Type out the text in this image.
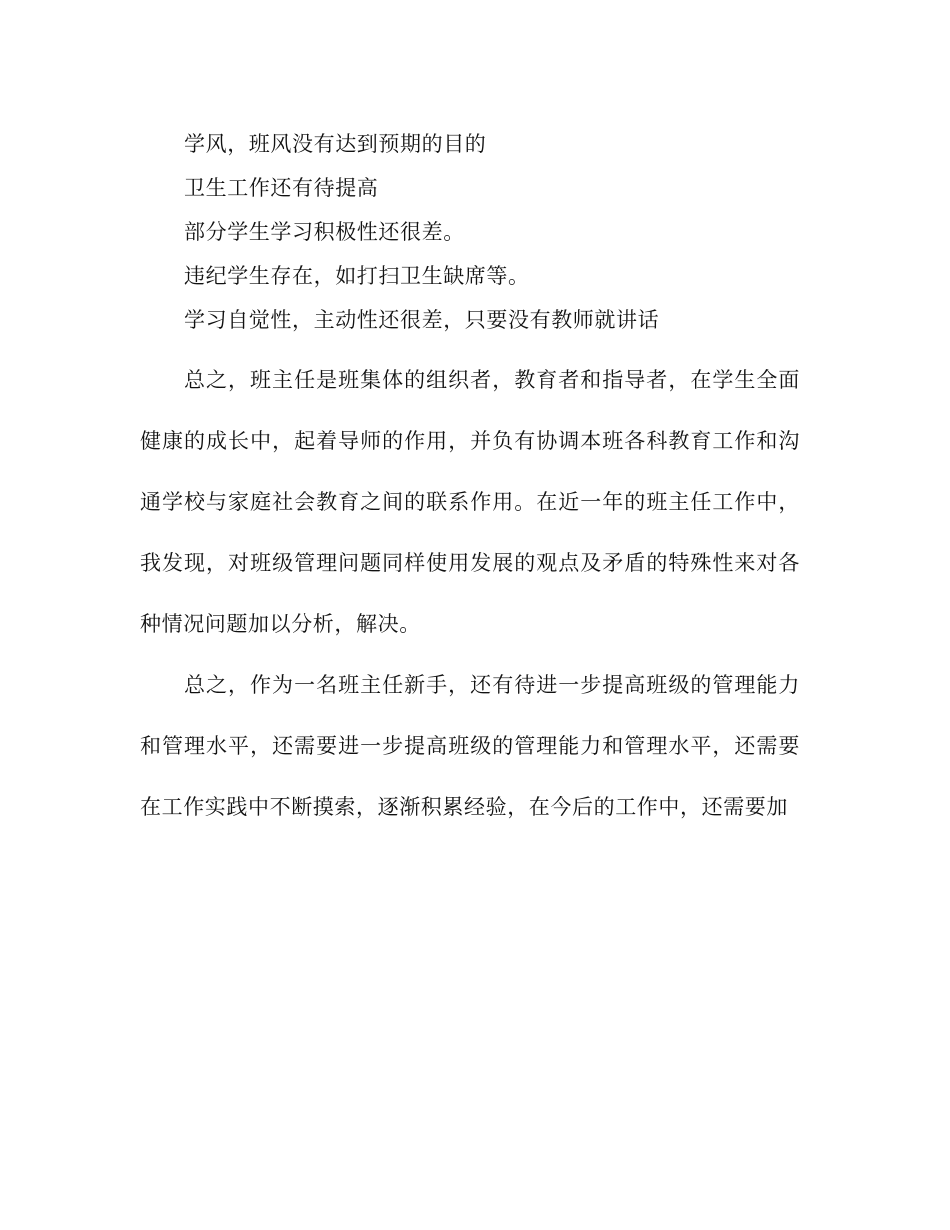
学风，班风没有达到预期的目的

卫生工作还有待提高

部分学生学习积极性还很差。

违纪学生存在，如打扫卫生缺席等。

学习自觉性，主动性还很差，只要没有教师就讲话

总之，班主任是班集体的组织者，教育者和指导者，在学生全面健康的成长中，起着导师的作用，并负有协调本班各科教育工作和沟通学校与家庭社会教育之间的联系作用。在近一年的班主任工作中，我发现，对班级管理问题同样使用发展的观点及矛盾的特殊性来对各种情况问题加以分析，解决。

总之，作为一名班主任新手，还有待进一步提高班级的管理能力和管理水平，还需要进一步提高班级的管理能力和管理水平，还需要在工作实践中不断摸索，逐渐积累经验，在今后的工作中，还需要加
